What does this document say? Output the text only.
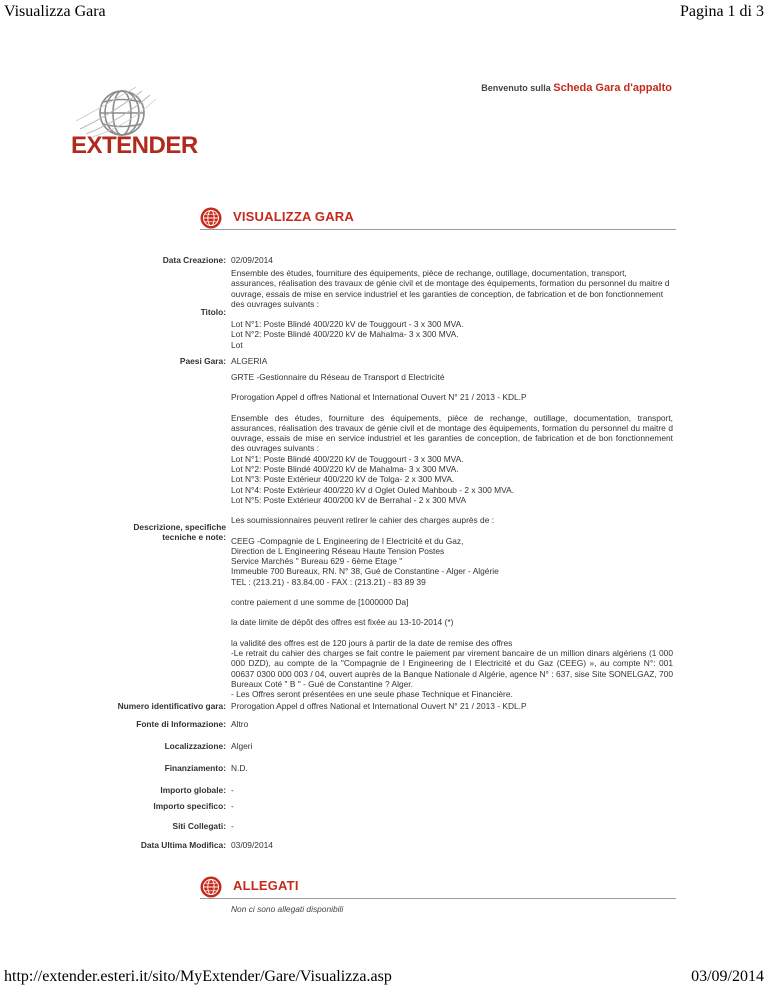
Visualizza Gara	Pagina 1 di 3
Benvenuto sulla Scheda Gara d'appalto
EXTENDER
VISUALIZZA GARA
Data Creazione: 02/09/2014
Titolo:

Ensemble des études, fourniture des équipements, pièce de rechange, outillage, documentation, transport, assurances, réalisation des travaux de génie civil et de montage des équipements, formation du personnel du maitre d ouvrage, essais de mise en service industriel et les garanties de conception, de fabrication et de bon fonctionnement des ouvrages suivants :

Lot N°1: Poste Blindé 400/220 kV de Touggourt - 3 x 300 MVA.

Lot N°2: Poste Blindé 400/220 kV de Mahalma- 3 x 300 MVA.

Lot

Paesi Gara: ALGERIA
Descrizione, specifiche
tecniche e note:

GRTE -Gestionnaire du Réseau de Transport d Electricité

Prorogation Appel d offres National et International Ouvert N° 21 / 2013 - KDL.P

Ensemble des études, fourniture des équipements, pièce de rechange, outillage, documentation, transport, assurances, réalisation des travaux de génie civil et de montage des équipements, formation du personnel du maitre d ouvrage, essais de mise en service industriel et les garanties de conception, de fabrication et de bon fonctionnement des ouvrages suivants :

Lot N°1: Poste Blindé 400/220 kV de Touggourt - 3 x 300 MVA.

Lot N°2: Poste Blindé 400/220 kV de Mahalma- 3 x 300 MVA.

Lot N°3: Poste Extérieur 400/220 kV de Tolga- 2 x 300 MVA.

Lot N°4: Poste Extérieur 400/220 kV d Oglet Ouled Mahboub - 2 x 300 MVA.

Lot N°5: Poste Extérieur 400/200 kV de Berrahal - 2 x 300 MVA

Les soumissionnaires peuvent retirer le cahier des charges auprès de :

CEEG -Compagnie de L Engineering de l Electricité et du Gaz,

Direction de L Engineering Réseau Haute Tension Postes

Service Marchés " Bureau 629 - 6ème Etage "

Immeuble 700 Bureaux, RN. N° 38, Gué de Constantine - Alger - Algérie

TEL : (213.21) - 83.84.00 - FAX : (213.21) - 83 89 39

contre paiement d une somme de [1000000 Da]

la date limite de dépôt des offres est fixée au 13-10-2014 (*)

la validité des offres est de 120 jours à partir de la date de remise des offres

-Le retrait du cahier des charges se fait contre le paiement par virement bancaire de un million dinars algériens (1 000 000 DZD), au compte de la "Compagnie de l Engineering de l Electricité et du Gaz (CEEG) », au compte N°: 001 00637 0300 000 003 / 04, ouvert auprès de la Banque Nationale d Algérie, agence N° : 637, sise Site SONELGAZ, 700 Bureaux Coté " B " - Gué de Constantine ? Alger.

- Les Offres seront présentées en une seule phase Technique et Financière.

Numero identificativo gara: Prorogation Appel d offres National et International Ouvert N° 21 / 2013 - KDL.P
Fonte di Informazione: Altro
Localizzazione: Algeri
Finanziamento: N.D.
Importo globale: -
Importo specifico: -
Siti Collegati: -
Data Ultima Modifica: 03/09/2014
ALLEGATI
Non ci sono allegati disponibili
http://extender.esteri.it/sito/MyExtender/Gare/Visualizza.asp	03/09/2014
